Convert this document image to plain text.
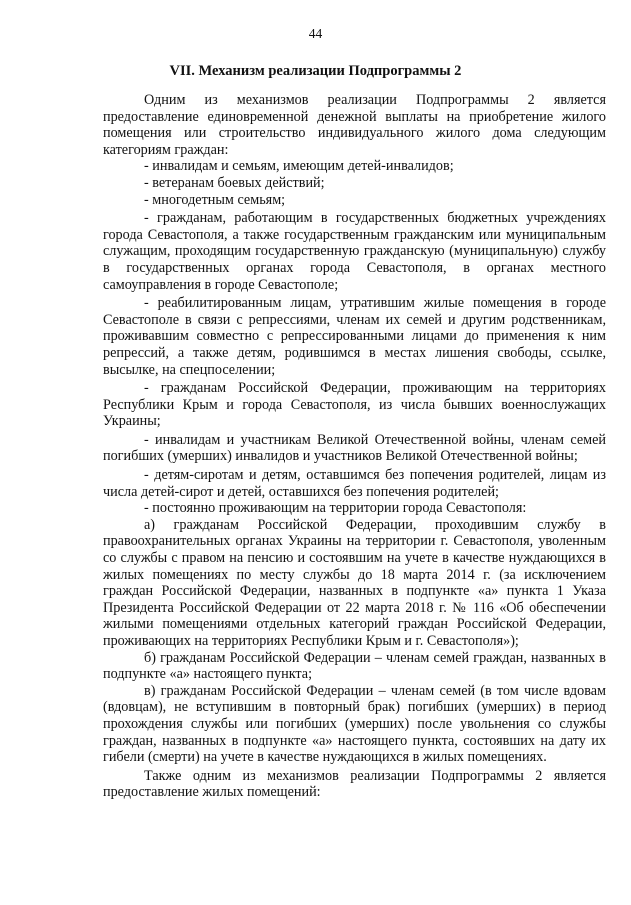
44
VII. Механизм реализации Подпрограммы 2

Одним из механизмов реализации Подпрограммы 2 является предоставление единовременной денежной выплаты на приобретение жилого помещения или строительство индивидуального жилого дома следующим категориям граждан:

- инвалидам и семьям, имеющим детей-инвалидов;

- ветеранам боевых действий;

- многодетным семьям;

- гражданам, работающим в государственных бюджетных учреждениях города Севастополя, а также государственным гражданским или муниципальным служащим, проходящим государственную гражданскую (муниципальную) службу в государственных органах города Севастополя, в органах местного самоуправления в городе Севастополе;

- реабилитированным лицам, утратившим жилые помещения в городе Севастополе в связи с репрессиями, членам их семей и другим родственникам, проживавшим совместно с репрессированными лицами до применения к ним репрессий, а также детям, родившимся в местах лишения свободы, ссылке, высылке, на спецпоселении;

- гражданам Российской Федерации, проживающим на территориях Республики Крым и города Севастополя, из числа бывших военнослужащих Украины;

- инвалидам и участникам Великой Отечественной войны, членам семей погибших (умерших) инвалидов и участников Великой Отечественной войны;

- детям-сиротам и детям, оставшимся без попечения родителей, лицам из числа детей-сирот и детей, оставшихся без попечения родителей;

- постоянно проживающим на территории города Севастополя:

а) гражданам Российской Федерации, проходившим службу в правоохранительных органах Украины на территории г. Севастополя, уволенным со службы с правом на пенсию и состоявшим на учете в качестве нуждающихся в жилых помещениях по месту службы до 18 марта 2014 г. (за исключением граждан Российской Федерации, названных в подпункте «а» пункта 1 Указа Президента Российской Федерации от 22 марта 2018 г. № 116 «Об обеспечении жилыми помещениями отдельных категорий граждан Российской Федерации, проживающих на территориях Республики Крым и г. Севастополя»);

б) гражданам Российской Федерации – членам семей граждан, названных в подпункте «а» настоящего пункта;

в) гражданам Российской Федерации – членам семей (в том числе вдовам (вдовцам), не вступившим в повторный брак) погибших (умерших) в период прохождения службы или погибших (умерших) после увольнения со службы граждан, названных в подпункте «а» настоящего пункта, состоявших на дату их гибели (смерти) на учете в качестве нуждающихся в жилых помещениях.

Также одним из механизмов реализации Подпрограммы 2 является предоставление жилых помещений:
